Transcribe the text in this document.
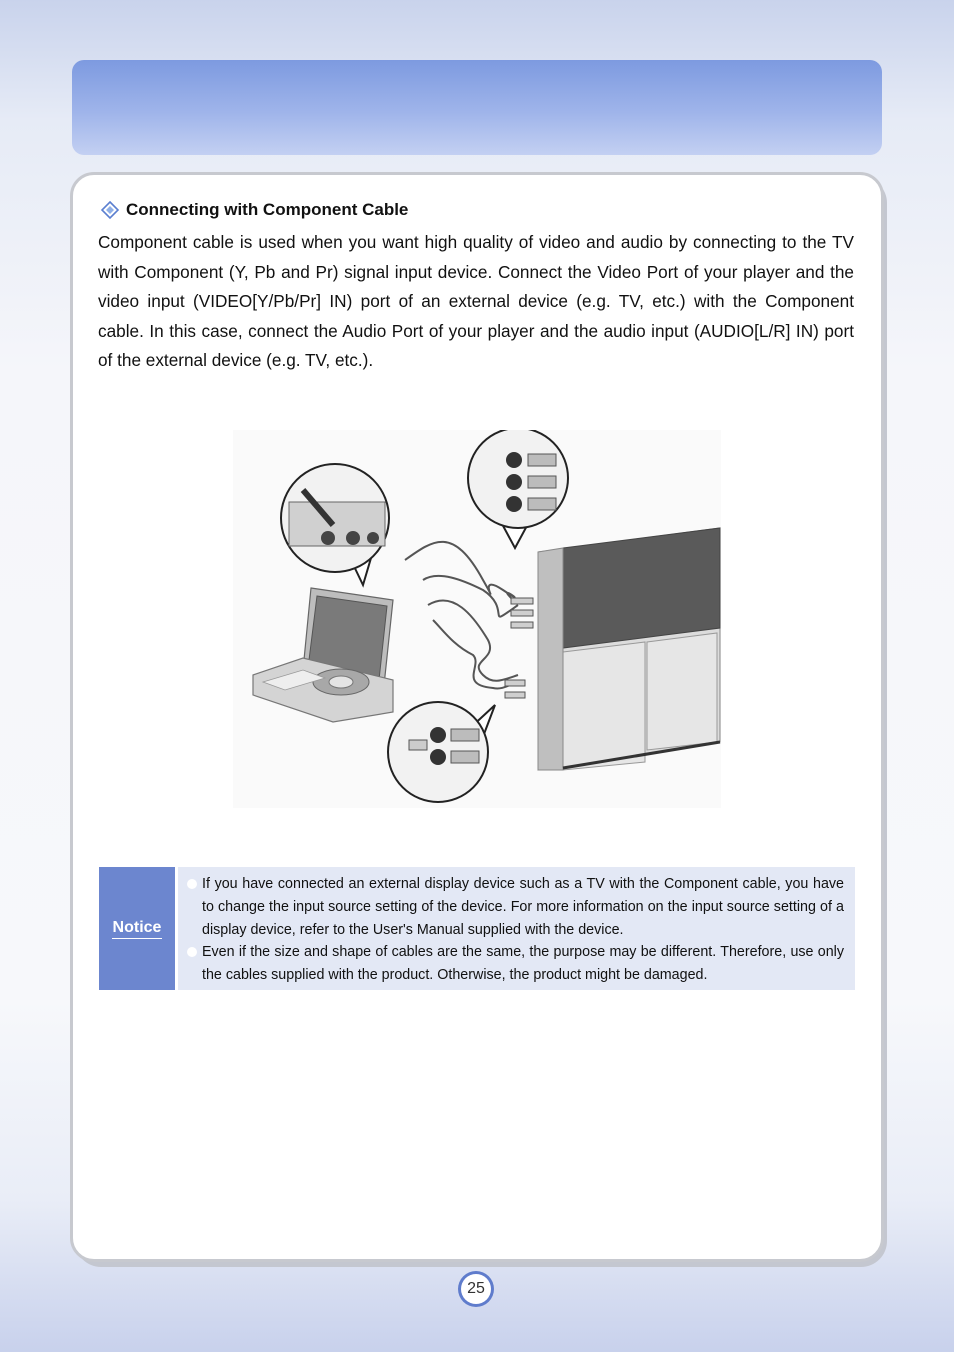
Connecting with Component Cable
Component cable is used when you want high quality of video and audio by connecting to the TV with Component (Y, Pb and Pr) signal input device. Connect the Video Port of your player and the video input (VIDEO[Y/Pb/Pr] IN) port of an external device (e.g. TV, etc.) with the Component cable. In this case, connect the Audio Port of your player and the audio input (AUDIO[L/R] IN) port of the external device (e.g. TV, etc.).
Notice
If you have connected an external display device such as a TV with the Component cable, you have to change the input source setting of the device. For more information on the input source setting of a display device, refer to the User's Manual supplied with the device.
Even if the size and shape of cables are the same, the purpose may be different. Therefore, use only the cables supplied with the product. Otherwise, the product might be damaged.
25
